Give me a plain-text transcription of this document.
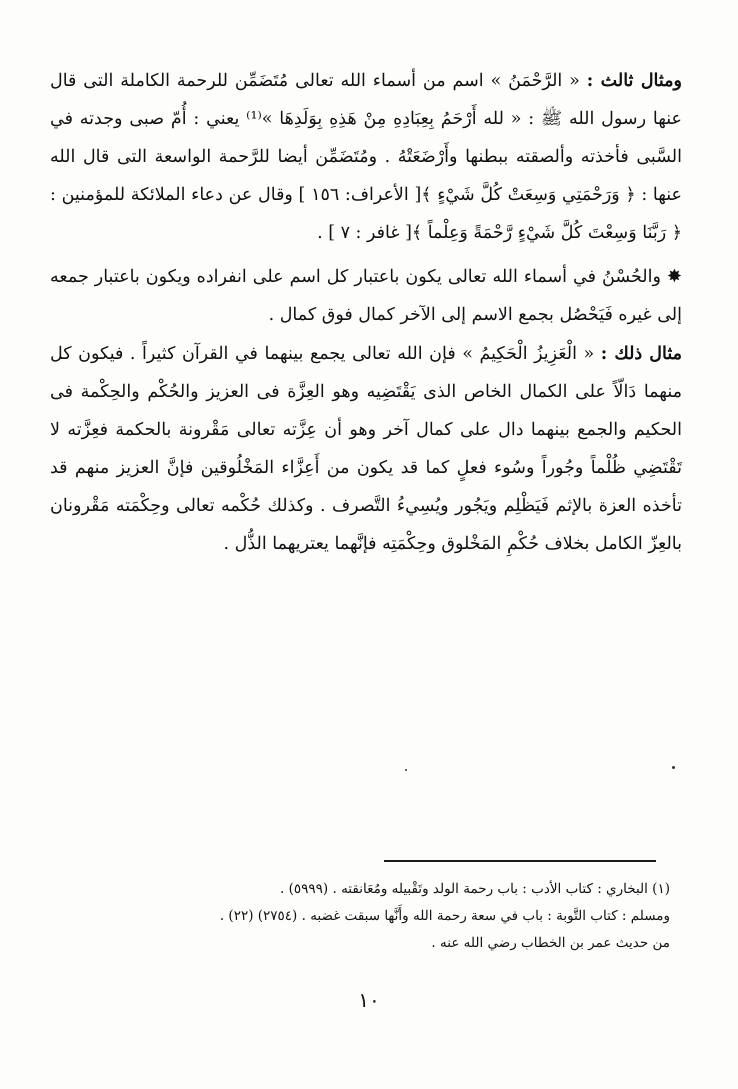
ومثال ثالث : « الرَّحْمَنُ » اسم من أسماء الله تعالى مُتَضَمِّن للرحمة الكاملة التى قال عنها رسول الله ﷺ : « لله أَرْحَمُ بِعِبَادِهِ مِنْ هَذِهِ بِوَلَدِهَا »⁽¹⁾ يعني : أُمّ صبى وجدته في السَّبى فأخذته وألصقته ببطنها وأَرْضَعَتْهُ . ومُتَضَمِّن أيضا للرَّحمة الواسعة التى قال الله عنها : ﴿ وَرَحْمَتِي وَسِعَتْ كُلَّ شَيْءٍ ﴾[ الأعراف: ١٥٦ ] وقال عن دعاء الملائكة للمؤمنين : ﴿ رَبَّنَا وَسِعْتَ كُلَّ شَيْءٍ رَّحْمَةً وَعِلْماً ﴾[ غافر : ٧ ] .

✸والحُسْنُ في أسماء الله تعالى يكون باعتبار كل اسم على انفراده ويكون باعتبار جمعه إلى غيره فَيَحْصُل بجمع الاسم إلى الآخر كمال فوق كمال .

مثال ذلك : « الْعَزِيزُ الْحَكِيمُ » فإن الله تعالى يجمع بينهما في القرآن كثيراً . فيكون كل منهما دَالّاً على الكمال الخاص الذى يَقْتَضِيه وهو العِزَّة فى العزيز والحُكْم والحِكْمة فى الحكيم والجمع بينهما دال على كمال آخر وهو أن عِزَّته تعالى مَقْرونة بالحكمة فعِزَّته لا تَقْتَضِي ظُلْماً وجُوراً وسُوء فعلٍ كما قد يكون من أَعِزَّاء المَخْلُوقين فإنَّ العزيز منهم قد تأخذه العزة بالإثم فَيَظْلِم ويَجُور ويُسِيءُ التَّصرف . وكذلك حُكْمه تعالى وحِكْمَته مَقْرونان بالعِزّ الكامل بخلاف حُكْمِ المَخْلوق وحِكْمَتِه فإنَّهما يعتريهما الذُّل .

(١) البخاري : كتاب الأدب : باب رحمة الولد وتَقْبيله ومُعَانقته . (٥٩٩٩) .

ومسلم : كتاب التَّوبة : باب في سعة رحمة الله وأَنَّها سبقت غضبه . (٢٧٥٤) (٢٢) .

من حديث عمر بن الخطاب رضي الله عنه .

١٠
